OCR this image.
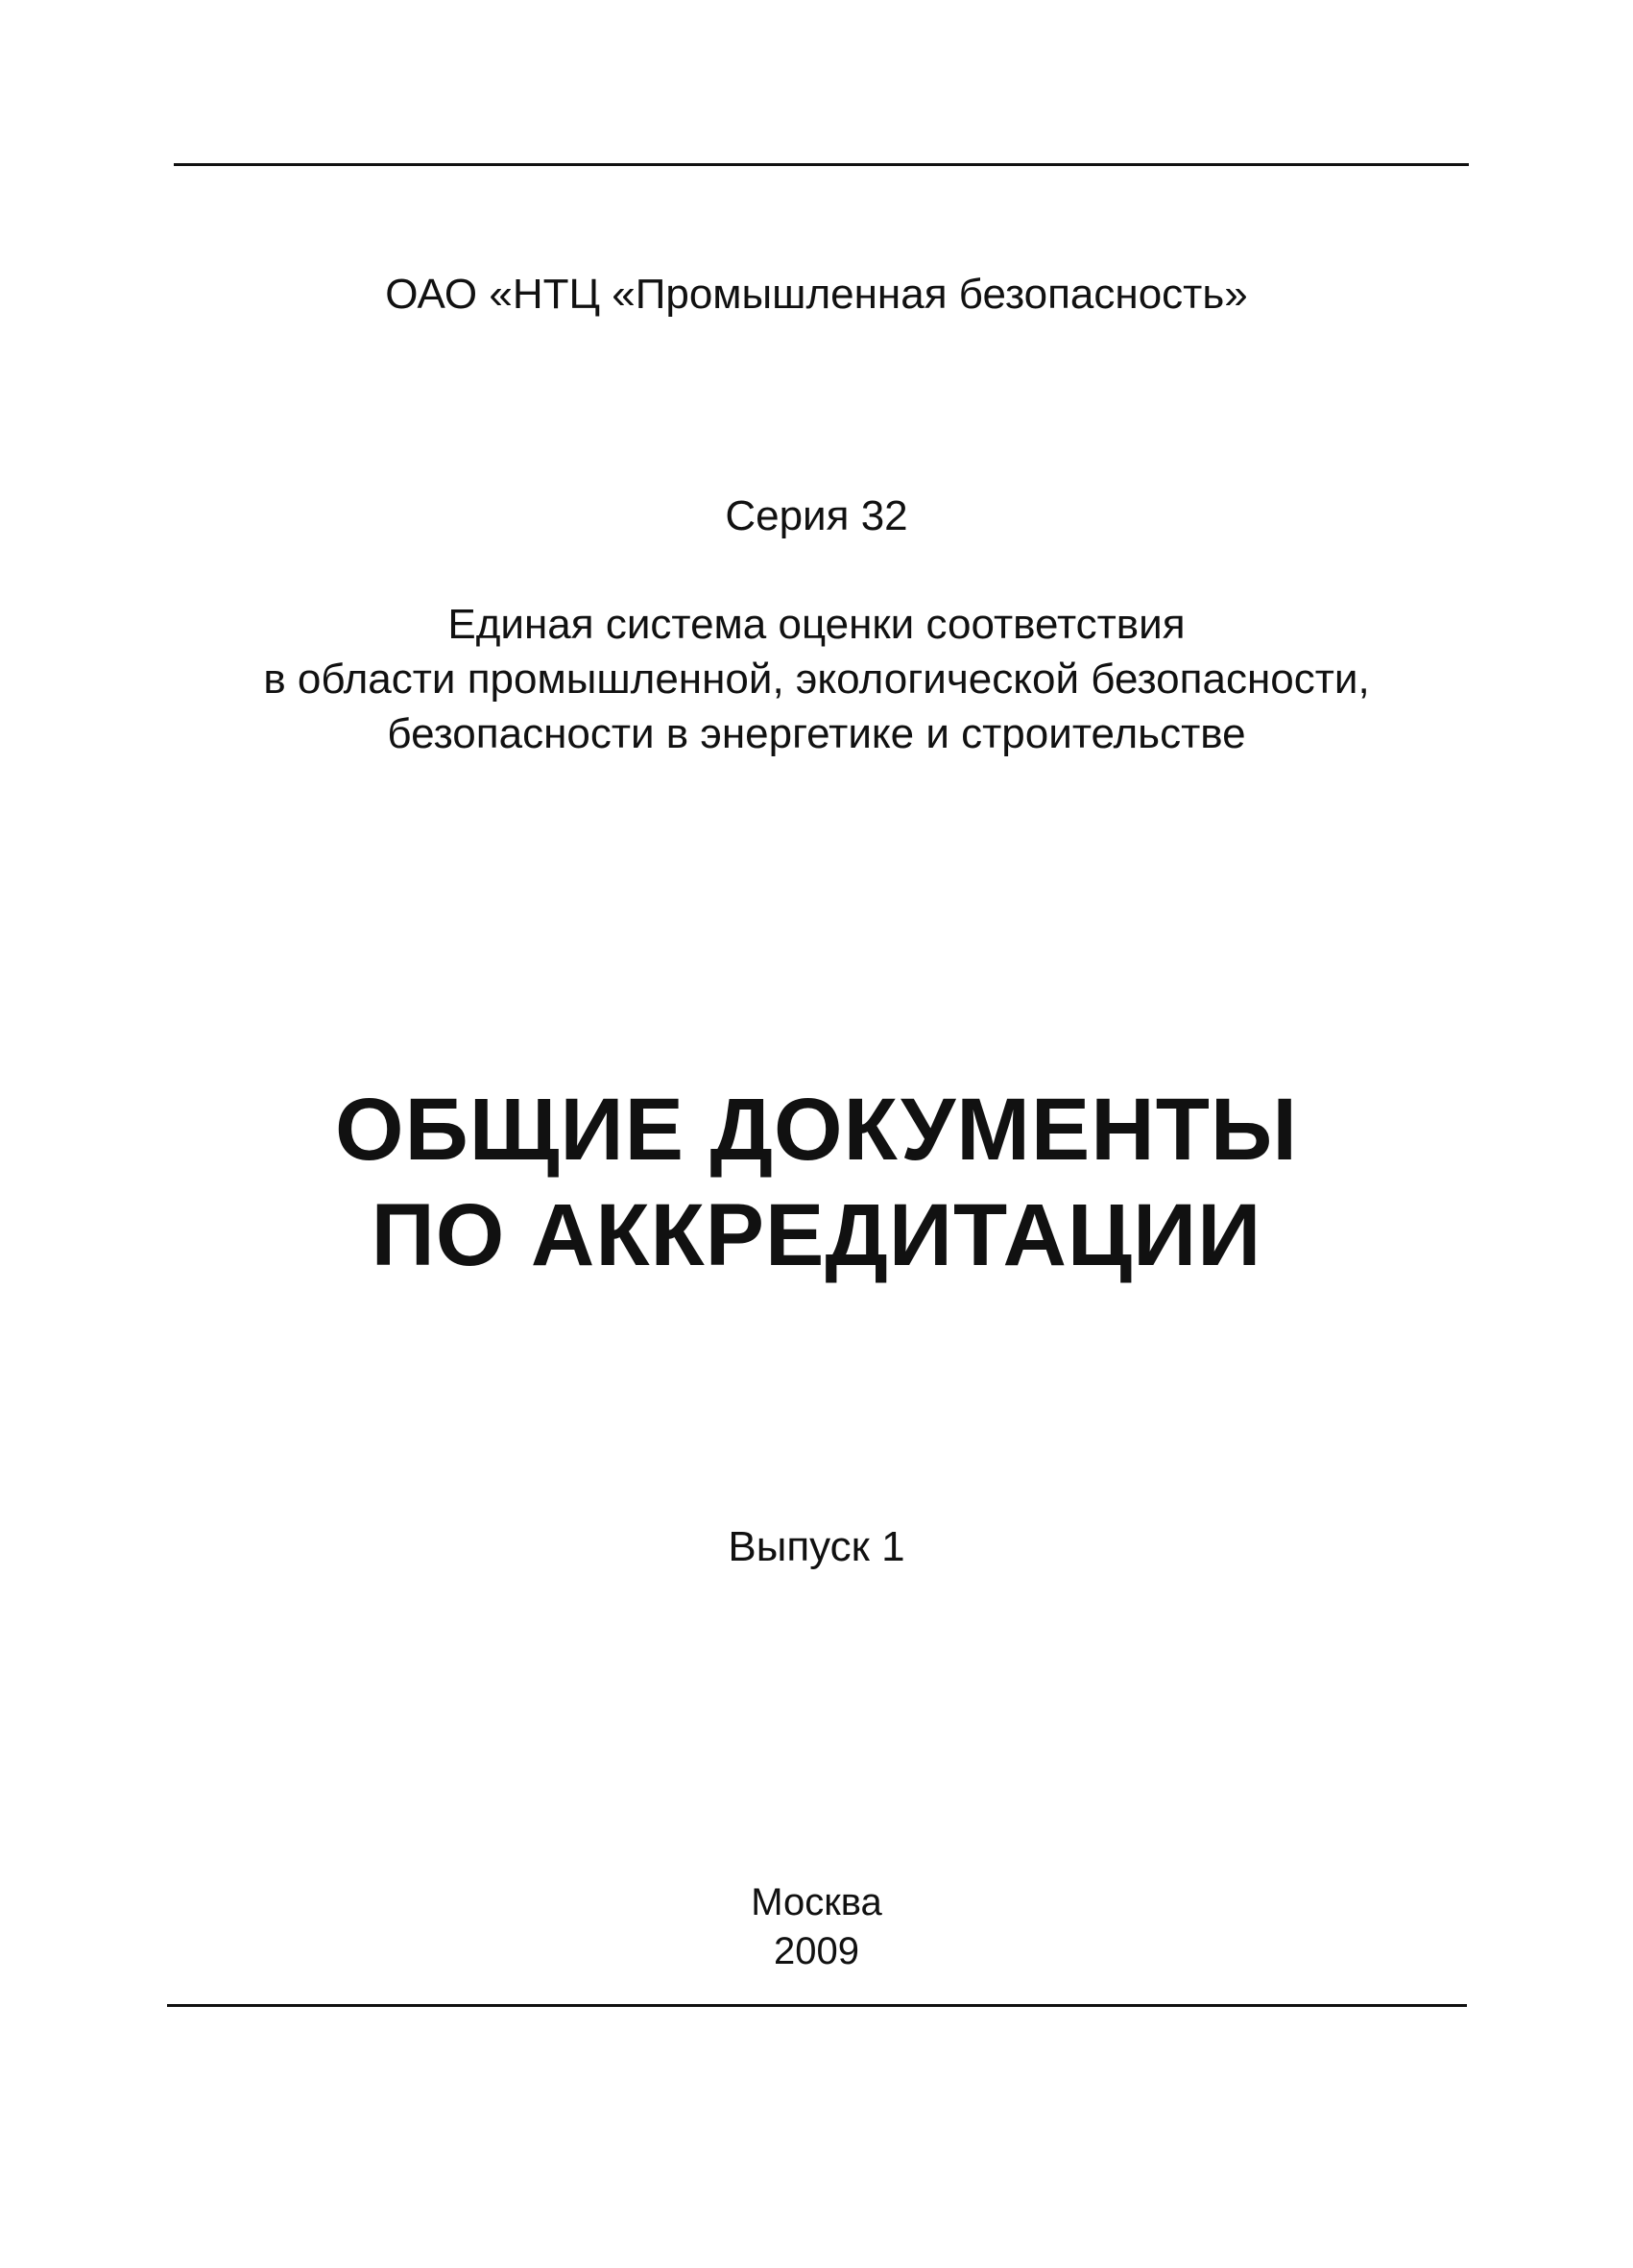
ОАО «НТЦ «Промышленная безопасность»
Серия 32
Единая система оценки соответствия
в области промышленной, экологической безопасности,
безопасности в энергетике и строительстве
ОБЩИЕ ДОКУМЕНТЫ
ПО АККРЕДИТАЦИИ
Выпуск 1
Москва
2009
